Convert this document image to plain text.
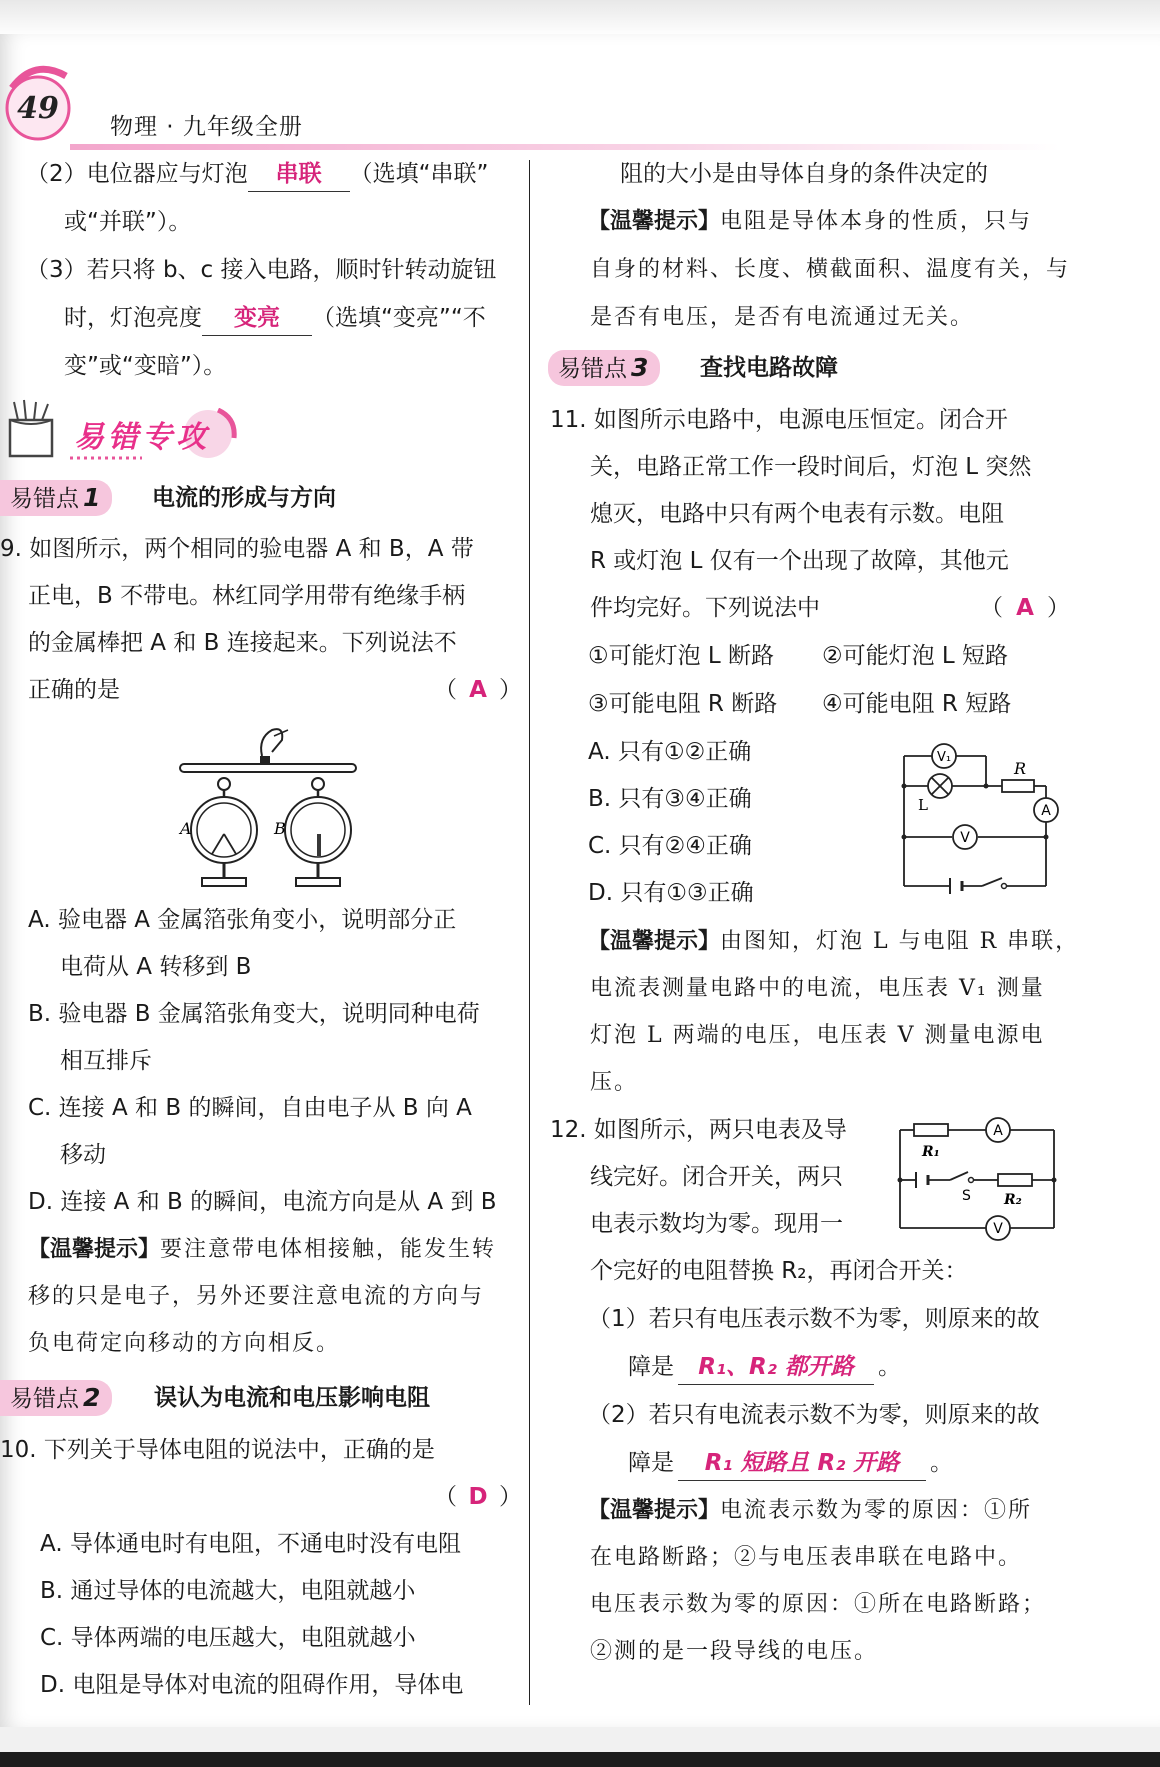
49
物理 · 九年级全册
（2）电位器应与灯泡 串联 （选填“串联”
或“并联”）。
（3）若只将 b、c 接入电路，顺时针转动旋钮
时，灯泡亮度 变亮 （选填“变亮”“不
变”或“变暗”）。
易错专攻
易错点 1	电流的形成与方向
9. 如图所示，两个相同的验电器 A 和 B，A 带
正电，B 不带电。林红同学用带有绝缘手柄
的金属棒把 A 和 B 连接起来。下列说法不
正确的是	（ A ）
A	B
A. 验电器 A 金属箔张角变小，说明部分正
电荷从 A 转移到 B
B. 验电器 B 金属箔张角变大，说明同种电荷
相互排斥
C. 连接 A 和 B 的瞬间，自由电子从 B 向 A
移动
D. 连接 A 和 B 的瞬间，电流方向是从 A 到 B
【温馨提示】要注意带电体相接触，能发生转
移的只是电子，另外还要注意电流的方向与
负电荷定向移动的方向相反。
易错点 2	误认为电流和电压影响电阻
10. 下列关于导体电阻的说法中，正确的是
（ D ）
A. 导体通电时有电阻，不通电时没有电阻
B. 通过导体的电流越大，电阻就越小
C. 导体两端的电压越大，电阻就越小
D. 电阻是导体对电流的阻碍作用，导体电
阻的大小是由导体自身的条件决定的
【温馨提示】电阻是导体本身的性质，只与
自身的材料、长度、横截面积、温度有关，与
是否有电压，是否有电流通过无关。
易错点 3	查找电路故障
11. 如图所示电路中，电源电压恒定。闭合开
关，电路正常工作一段时间后，灯泡 L 突然
熄灭，电路中只有两个电表有示数。电阻
R 或灯泡 L 仅有一个出现了故障，其他元
件均完好。下列说法中	（ A ）
①可能灯泡 L 断路 ②可能灯泡 L 短路
③可能电阻 R 断路 ④可能电阻 R 短路
A. 只有①②正确
B. 只有③④正确
C. 只有②④正确
D. 只有①③正确
V₁
R
L	A
V
【温馨提示】由图知，灯泡 L 与电阻 R 串联，
电流表测量电路中的电流，电压表 V₁ 测量
灯泡 L 两端的电压，电压表 V 测量电源电
压。
12. 如图所示，两只电表及导
线完好。闭合开关，两只
电表示数均为零。现用一
个完好的电阻替换 R₂，再闭合开关：
R₁
A
S R₂
V
（1）若只有电压表示数不为零，则原来的故
障是 R₁、R₂ 都开路 。
（2）若只有电流表示数不为零，则原来的故
障是 R₁ 短路且 R₂ 开路 。
【温馨提示】电流表示数为零的原因：①所
在电路断路；②与电压表串联在电路中。
电压表示数为零的原因：①所在电路断路；
②测的是一段导线的电压。
